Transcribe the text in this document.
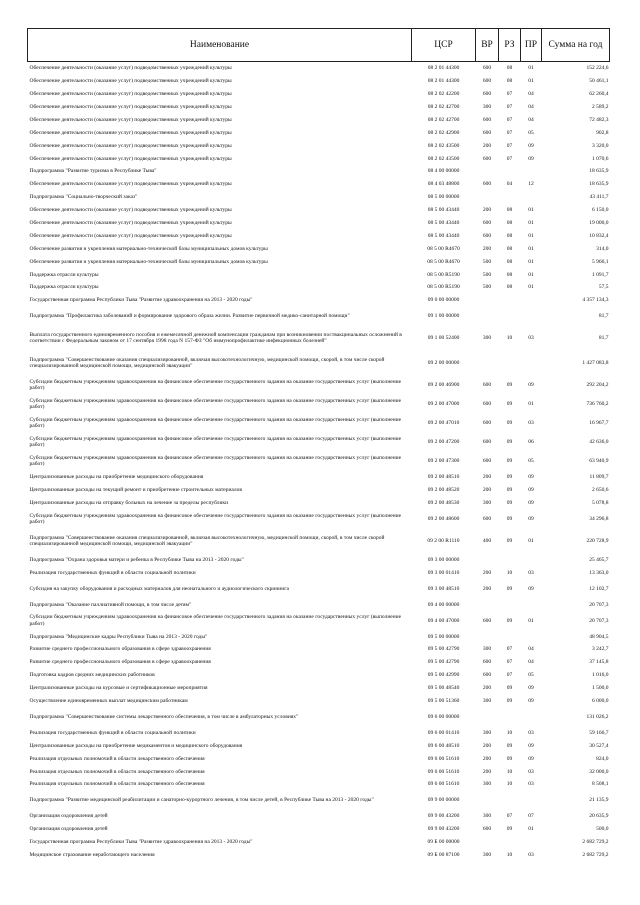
Наименование	ЦСР	ВР	РЗ	ПР	Сумма на год
Обеспечение деятельности (оказание услуг) подведомственных учреждений культуры	08 2 01 44300	600	08	01	152 224,6
Обеспечение деятельности (оказание услуг) подведомственных учреждений культуры	08 2 01 44300	600	08	01	50 461,1
Обеспечение деятельности (оказание услуг) подведомственных учреждений культуры	08 2 02 42200	600	07	04	62 260,4
Обеспечение деятельности (оказание услуг) подведомственных учреждений культуры	08 2 02 42700	300	07	04	2 589,2
Обеспечение деятельности (оказание услуг) подведомственных учреждений культуры	08 2 02 42700	600	07	04	72 482,3
Обеспечение деятельности (оказание услуг) подведомственных учреждений культуры	08 2 02 42900	600	07	05	902,8
Обеспечение деятельности (оказание услуг) подведомственных учреждений культуры	08 2 02 43500	200	07	09	3 320,0
Обеспечение деятельности (оказание услуг) подведомственных учреждений культуры	08 2 02 43500	600	07	09	1 070,6
Подпрограмма "Развитие туризма в Республике Тыва"	08 4 00 00000				18 635,9
Обеспечение деятельности (оказание услуг) подведомственных учреждений культуры	08 4 03 48800	600	04	12	18 635,9
Подпрограмма "Социально-творческий заказ"	08 5 00 00000				43 411,7
Обеспечение деятельности (оказание услуг) подведомственных учреждений культуры	08 5 00 43440	200	08	01	6 150,0
Обеспечение деятельности (оказание услуг) подведомственных учреждений культуры	08 5 00 43440	600	08	01	19 000,0
Обеспечение деятельности (оказание услуг) подведомственных учреждений культуры	08 5 00 43440	600	08	01	10 832,4
Обеспечение развития и укрепления материально-технической базы муниципальных домов культуры	08 5 00 R4670	200	08	01	314,0
Обеспечение развития и укрепления материально-технической базы муниципальных домов культуры	08 5 00 R4670	500	08	01	5 966,1
Поддержка отрасли культуры	08 5 00 R5190	500	08	01	1 091,7
Поддержка отрасли культуры	08 5 00 R5190	500	08	01	57,5
Государственная программа Республики Тыва "Развитие здравоохранения на 2013 - 2020 годы"	09 0 00 00000				4 357 134,3
Подпрограмма "Профилактика заболеваний и формирование здорового образа жизни. Развитие первичной медико-санитарной помощи"	09 1 00 00000				81,7
Выплата государственного единовременного пособия и ежемесячной денежной компенсации гражданам при возникновении поствакцинальных осложнений в соответствии с Федеральным законом от 17 сентября 1998 года N 157-ФЗ "Об иммунопрофилактике инфекционных болезней"	09 1 00 52400	300	10	03	81,7
Подпрограмма "Совершенствование оказания специализированной, включая высокотехнологичную, медицинской помощи, скорой, в том числе скорой специализированной медицинской помощи, медицинской эвакуации"	09 2 00 00000				1 427 083,8
Субсидии бюджетным учреждениям здравоохранения на финансовое обеспечение государственного задания на оказание государственных услуг (выполнение работ)	09 2 00 46900	600	09	09	292 204,2
Субсидии бюджетным учреждениям здравоохранения на финансовое обеспечение государственного задания на оказание государственных услуг (выполнение работ)	09 2 00 47000	600	09	01	736 760,2
Субсидии бюджетным учреждениям здравоохранения на финансовое обеспечение государственного задания на оказание государственных услуг (выполнение работ)	09 2 00 47010	600	09	03	16 967,7
Субсидии бюджетным учреждениям здравоохранения на финансовое обеспечение государственного задания на оказание государственных услуг (выполнение работ)	09 2 00 47200	600	09	06	42 636,0
Субсидии бюджетным учреждениям здравоохранения на финансовое обеспечение государственного задания на оказание государственных услуг (выполнение работ)	09 2 00 47300	600	09	05	63 940,9
Централизованные расходы на приобретение медицинского оборудования	09 2 00 48510	200	09	09	11 809,7
Централизованные расходы на текущий ремонт и приобретение строительных материалов	09 2 00 48520	200	09	09	2 650,6
Централизованные расходы на отправку больных на лечение за пределы республики	09 2 00 48530	300	09	09	5 078,8
Субсидии бюджетным учреждениям здравоохранения на финансовое обеспечение государственного задания на оказание государственных услуг (выполнение работ)	09 2 00 48600	600	09	09	34 296,8
Подпрограмма "Совершенствование оказания специализированной, включая высокотехнологичную, медицинской помощи, скорой, в том числе скорой специализированной медицинской помощи, медицинской эвакуации"	09 2 00 R1110	400	09	01	220 728,9
Подпрограмма "Охрана здоровья матери и ребенка в Республике Тыва на 2013 - 2020 годы"	09 3 00 00000				25 465,7
Реализация государственных функций в области социальной политики	09 3 00 01410	200	10	03	13 363,0
Субсидия на закупку оборудования и расходных материалов для неонатального и аудиологического скрининга	09 3 00 48510	200	09	09	12 102,7
Подпрограмма "Оказание паллиативной помощи, в том числе детям"	09 4 00 00000				20 707,3
Субсидии бюджетным учреждениям здравоохранения на финансовое обеспечение государственного задания на оказание государственных услуг (выполнение работ)	09 4 00 47000	600	09	01	20 707,3
Подпрограмма "Медицинские кадры Республики Тыва на 2013 - 2020 годы"	09 5 00 00000				48 904,5
Развитие среднего профессионального образования в сфере здравоохранения	09 5 00 42790	300	07	04	3 242,7
Развитие среднего профессионального образования в сфере здравоохранения	09 5 00 42790	600	07	04	37 145,8
Подготовка кадров средних медицинских работников	09 5 00 42990	600	07	05	1 016,0
Централизованные расходы на курсовые и сертификационные мероприятия	09 5 00 48540	200	09	09	1 500,0
Осуществление единовременных выплат медицинским работникам	09 5 00 51360	300	09	09	6 000,0
Подпрограмма "Совершенствование системы лекарственного обеспечения, в том числе в амбулаторных условиях"	09 6 00 00000				131 026,2
Реализация государственных функций в области социальной политики	09 6 00 01410	300	10	03	59 166,7
Централизованные расходы на приобретение медикаментов и медицинского оборудования	09 6 00 48510	200	09	09	30 527,4
Реализация отдельных полномочий в области лекарственного обеспечения	09 6 00 51610	200	09	09	824,0
Реализация отдельных полномочий в области лекарственного обеспечения	09 6 00 51610	200	10	03	32 000,0
Реализация отдельных полномочий в области лекарственного обеспечения	09 6 00 51610	300	10	03	8 508,1
Подпрограмма "Развитие медицинской реабилитации и санаторно-курортного лечения, в том числе детей, в Республике Тыва на 2013 - 2020 годы"	09 9 00 00000				21 135,9
Организация оздоровления детей	09 9 00 43200	300	07	07	20 635,9
Организация оздоровления детей	09 9 00 43200	600	09	01	500,0
Государственная программа Республики Тыва "Развитие здравоохранения на 2013 - 2020 годы"	09 Б 00 00000				2 682 729,2
Медицинское страхование неработающего населения	09 Б 00 87100	300	10	03	2 682 729,2
